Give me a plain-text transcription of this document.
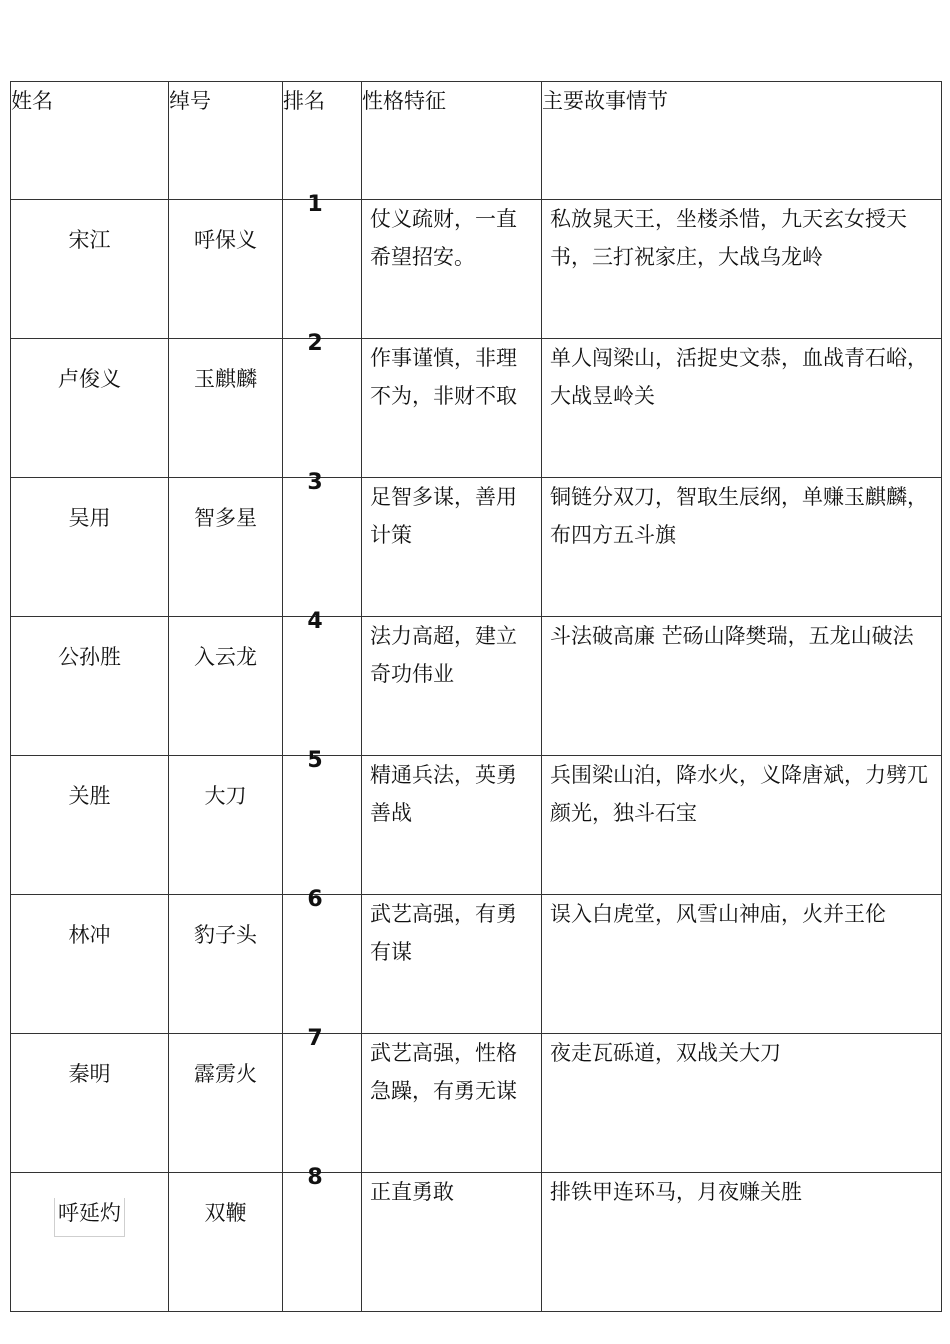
姓名	绰号	排名	性格特征	主要故事情节
宋江	呼保义	1	仗义疏财，一直希望招安。	私放晁天王，坐楼杀惜，九天玄女授天书，三打祝家庄，大战乌龙岭
卢俊义	玉麒麟	2	作事谨慎，非理不为，非财不取	单人闯梁山，活捉史文恭，血战青石峪，大战昱岭关
吴用	智多星	3	足智多谋，善用计策	铜链分双刀，智取生辰纲，单赚玉麒麟，布四方五斗旗
公孙胜	入云龙	4	法力高超，建立奇功伟业	斗法破高廉 芒砀山降樊瑞，五龙山破法
关胜	大刀	5	精通兵法，英勇善战	兵围梁山泊，降水火，义降唐斌，力劈兀颜光，独斗石宝
林冲	豹子头	6	武艺高强，有勇有谋	误入白虎堂，风雪山神庙，火并王伦
秦明	霹雳火	7	武艺高强，性格急躁，有勇无谋	夜走瓦砾道，双战关大刀
呼延灼	双鞭	8	正直勇敢	排铁甲连环马，月夜赚关胜
